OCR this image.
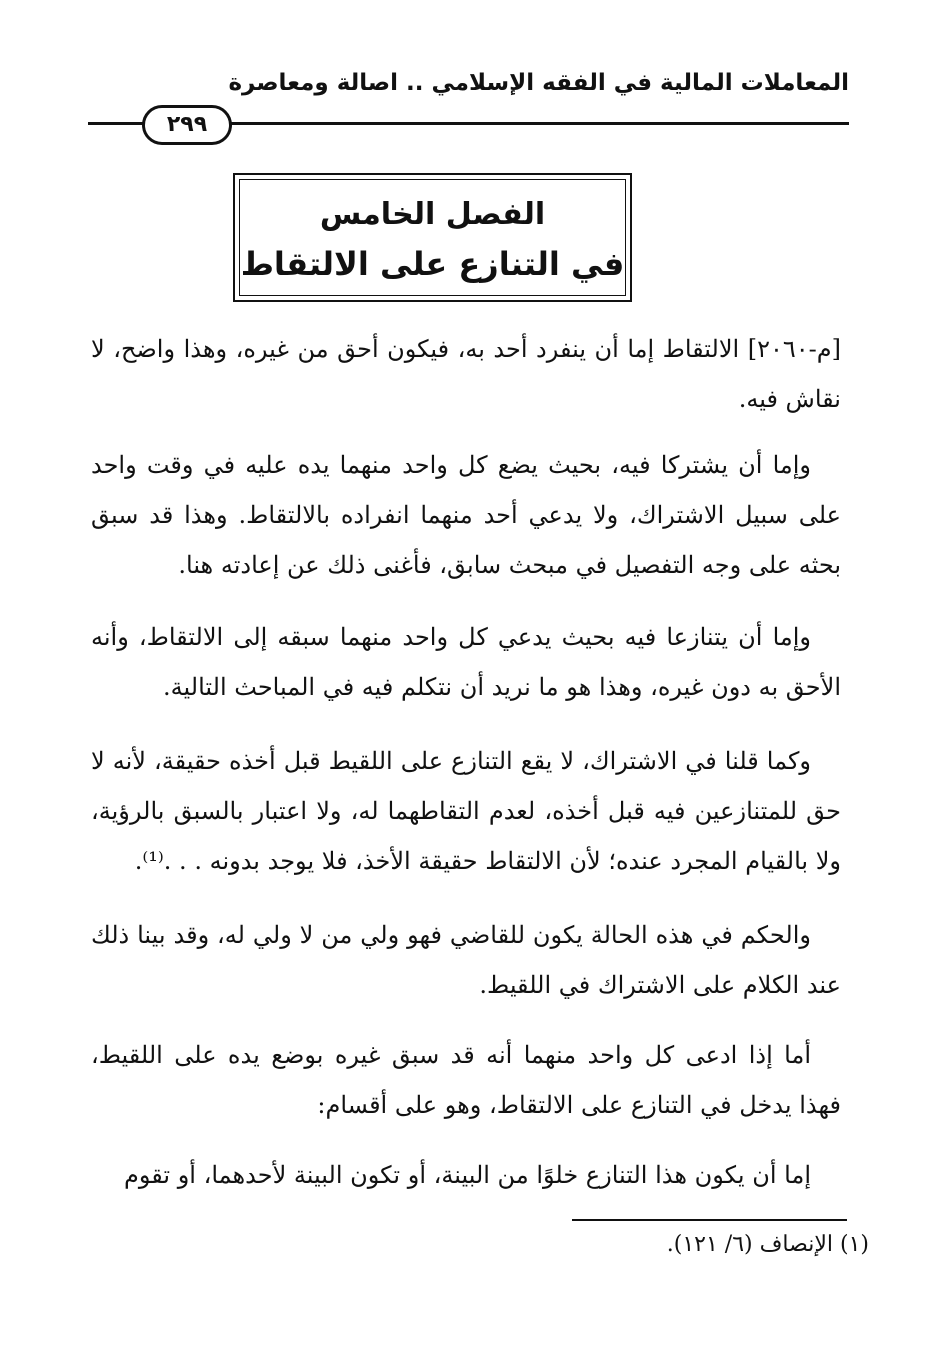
المعاملات المالية في الفقه الإسلامي .. اصالة ومعاصرة
٢٩٩
الفصل الخامس
في التنازع على الالتقاط

[م-٢٠٦٠] الالتقاط إما أن ينفرد أحد به، فيكون أحق من غيره، وهذا واضح، لا نقاش فيه.

وإما أن يشتركا فيه، بحيث يضع كل واحد منهما يده عليه في وقت واحد على سبيل الاشتراك، ولا يدعي أحد منهما انفراده بالالتقاط. وهذا قد سبق بحثه على وجه التفصيل في مبحث سابق، فأغنى ذلك عن إعادته هنا.

وإما أن يتنازعا فيه بحيث يدعي كل واحد منهما سبقه إلى الالتقاط، وأنه الأحق به دون غيره، وهذا هو ما نريد أن نتكلم فيه في المباحث التالية.

وكما قلنا في الاشتراك، لا يقع التنازع على اللقيط قبل أخذه حقيقة، لأنه لا حق للمتنازعين فيه قبل أخذه، لعدم التقاطهما له، ولا اعتبار بالسبق بالرؤية، ولا بالقيام المجرد عنده؛ لأن الالتقاط حقيقة الأخذ، فلا يوجد بدونه . . .⁽¹⁾.

والحكم في هذه الحالة يكون للقاضي فهو ولي من لا ولي له، وقد بينا ذلك عند الكلام على الاشتراك في اللقيط.

أما إذا ادعى كل واحد منهما أنه قد سبق غيره بوضع يده على اللقيط، فهذا يدخل في التنازع على الالتقاط، وهو على أقسام:

إما أن يكون هذا التنازع خلوًا من البينة، أو تكون البينة لأحدهما، أو تقوم

(١) الإنصاف (٦/ ١٢١).
